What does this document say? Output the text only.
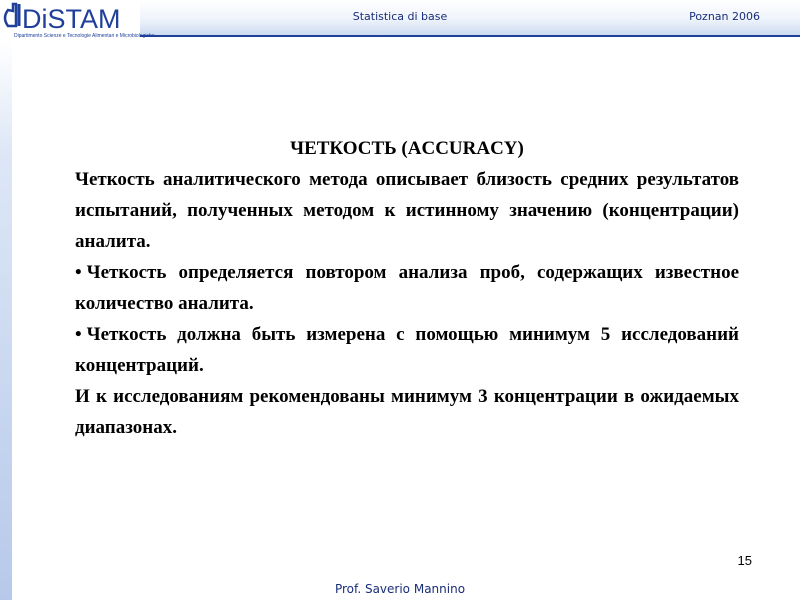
DiSTAM
Dipartimento Scienze e Tecnologie Alimentari e Microbiologiche
Statistica di base	Poznan 2006
ЧЕТКОСТЬ (ACCURACY)

Четкость аналитического метода описывает близость средних результатов испытаний, полученных методом к истинному значению (концентрации) аналита.

• Четкость определяется повтором анализа проб, содержащих известное количество аналита.

• Четкость должна быть измерена с помощью минимум 5 исследований концентраций.

И к исследованиям рекомендованы минимум 3 концентрации в ожидаемых диапазонах.

15
Prof. Saverio Mannino
